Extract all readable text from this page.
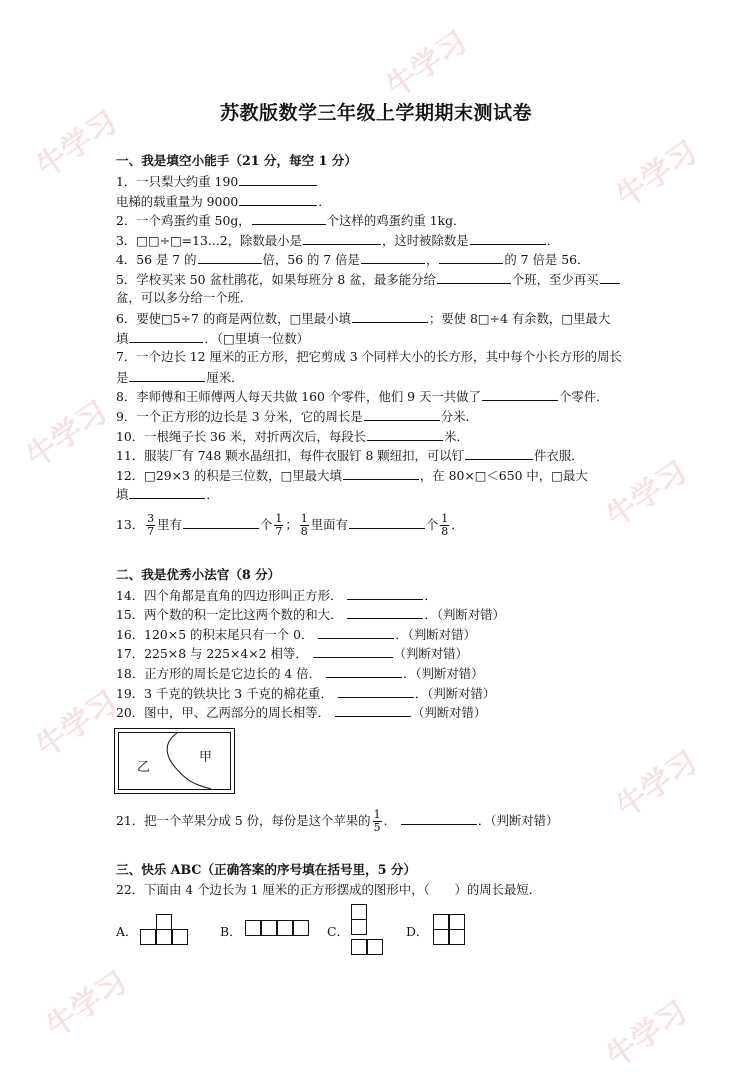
牛学习
牛学习
牛学习
牛学习
牛学习
牛学习
牛学习
牛学习	牛学习
苏教版数学三年级上学期期末测试卷
一、我是填空小能手（21 分，每空 1 分）
1．一只梨大约重 190
电梯的载重量为 9000	．
2．一个鸡蛋约重 50g，	个这样的鸡蛋约重 1kg．
3．□□÷□=13...2，除数最小是	，这时被除数是	．
4．56 是 7 的	倍，56 的 7 倍是	，	的 7 倍是 56．
5．学校买来 50 盆杜鹃花，如果每班分 8 盆，最多能分给	个班，至少再买
盆，可以多分给一个班．
6．要使□5÷7 的商是两位数，□里最小填	；要使 8□÷4 有余数，□里最大
填	．（□里填一位数）
7．一个边长 12 厘米的正方形，把它剪成 3 个同样大小的长方形，其中每个小长方形的周长
是	厘米．
8．李师傅和王师傅两人每天共做 160 个零件，他们 9 天一共做了	个零件．
9．一个正方形的边长是 3 分米，它的周长是	分米．
10．一根绳子长 36 米，对折两次后，每段长	米．
11．服装厂有 748 颗水晶纽扣，每件衣服钉 8 颗纽扣，可以钉	件衣服．
12．□29×3 的积是三位数，□里最大填	，在 80×□＜650 中，□最大
填	．
13． $\frac{3}{7}$ 里有	个 $\frac{1}{7}$ ； $\frac{1}{8}$ 里面有	个 $\frac{1}{8}$ ．
二、我是优秀小法官（8 分）
14．四个角都是直角的四边形叫正方形．	．
15．两个数的积一定比这两个数的和大．	．（判断对错）
16．120×5 的积末尾只有一个 0．	．（判断对错）
17．225×8 与 225×4×2 相等．	（判断对错）
18．正方形的周长是它边长的 4 倍．	．（判断对错）
19．3 千克的铁块比 3 千克的棉花重．	．（判断对错）
20．图中，甲、乙两部分的周长相等．	（判断对错）
乙
甲
21．把一个苹果分成 5 份，每份是这个苹果的 $\frac{1}{5}$ ．	．（判断对错）
三、快乐 ABC（正确答案的序号填在括号里，5 分）
22．下面由 4 个边长为 1 厘米的正方形摆成的图形中，（　　）的周长最短．
A．	B．	C．	D．
